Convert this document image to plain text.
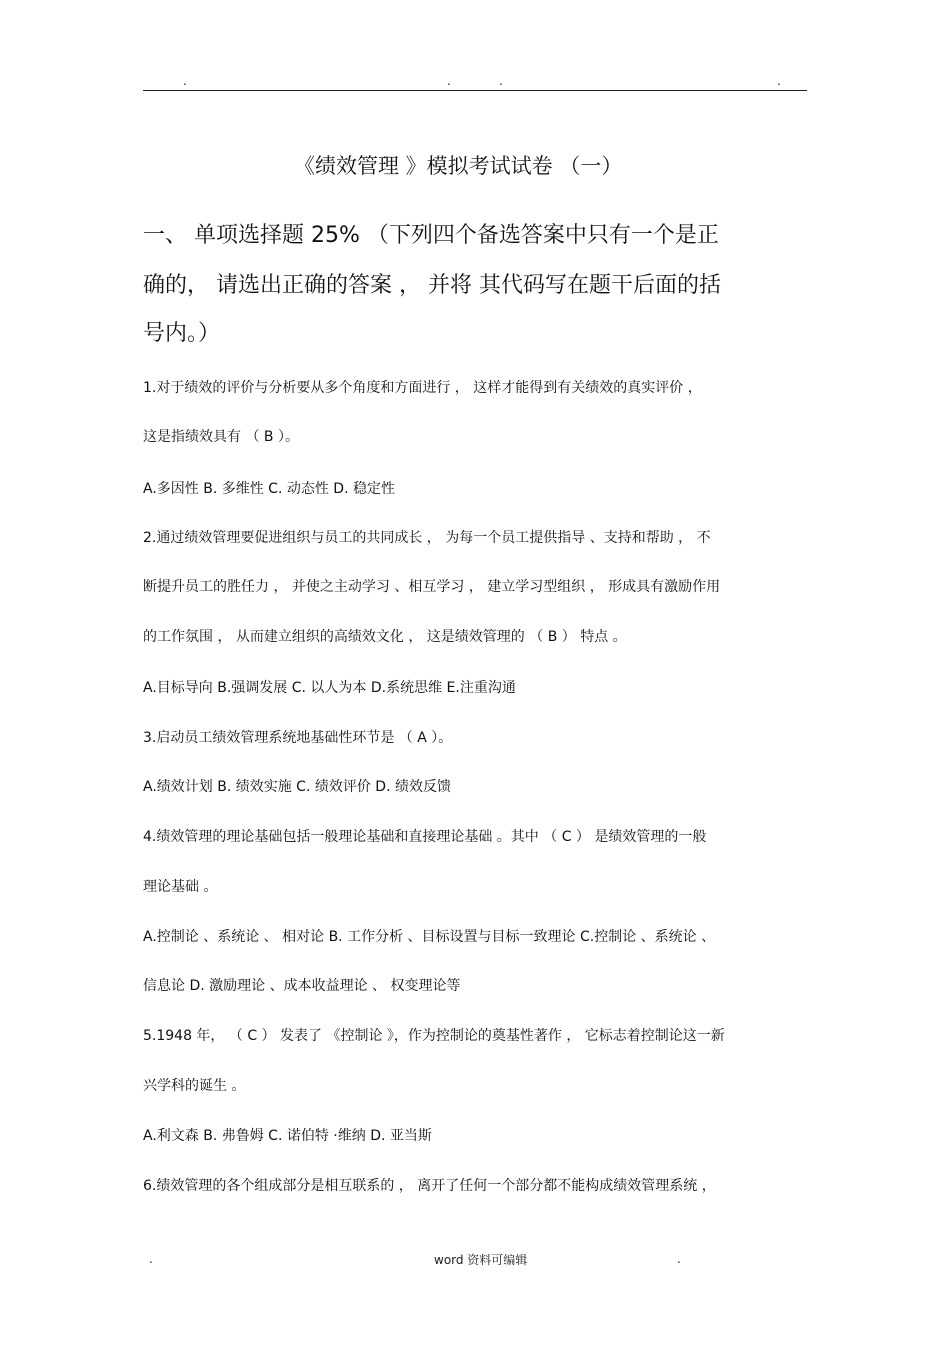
.	.	.	.
《绩效管理 》模拟考试试卷 （一）
一、 单项选择题 25% （下列四个备选答案中只有一个是正
确的， 请选出正确的答案 ， 并将 其代码写在题干后面的括
号内。）
1.对于绩效的评价与分析要从多个角度和方面进行 ， 这样才能得到有关绩效的真实评价 ，
这是指绩效具有 （ B ）。
A.多因性 B. 多维性 C. 动态性 D. 稳定性
2.通过绩效管理要促进组织与员工的共同成长 ， 为每一个员工提供指导 、支持和帮助 ， 不
断提升员工的胜任力 ， 并使之主动学习 、相互学习 ， 建立学习型组织 ， 形成具有激励作用
的工作氛围 ， 从而建立组织的高绩效文化 ， 这是绩效管理的 （ B ） 特点 。
A.目标导向 B.强调发展 C. 以人为本 D.系统思维 E.注重沟通
3.启动员工绩效管理系统地基础性环节是 （ A ）。
A.绩效计划 B. 绩效实施 C. 绩效评价 D. 绩效反馈
4.绩效管理的理论基础包括一般理论基础和直接理论基础 。其中 （ C ） 是绩效管理的一般
理论基础 。
A.控制论 、系统论 、 相对论 B. 工作分析 、目标设置与目标一致理论 C.控制论 、系统论 、
信息论 D. 激励理论 、成本收益理论 、 权变理论等
5.1948 年， （ C ） 发表了 《控制论 》，作为控制论的奠基性著作 ， 它标志着控制论这一新
兴学科的诞生 。
A.利文森 B. 弗鲁姆 C. 诺伯特 ·维纳 D. 亚当斯
6.绩效管理的各个组成部分是相互联系的 ， 离开了任何一个部分都不能构成绩效管理系统 ，
.	word 资料可编辑	.
